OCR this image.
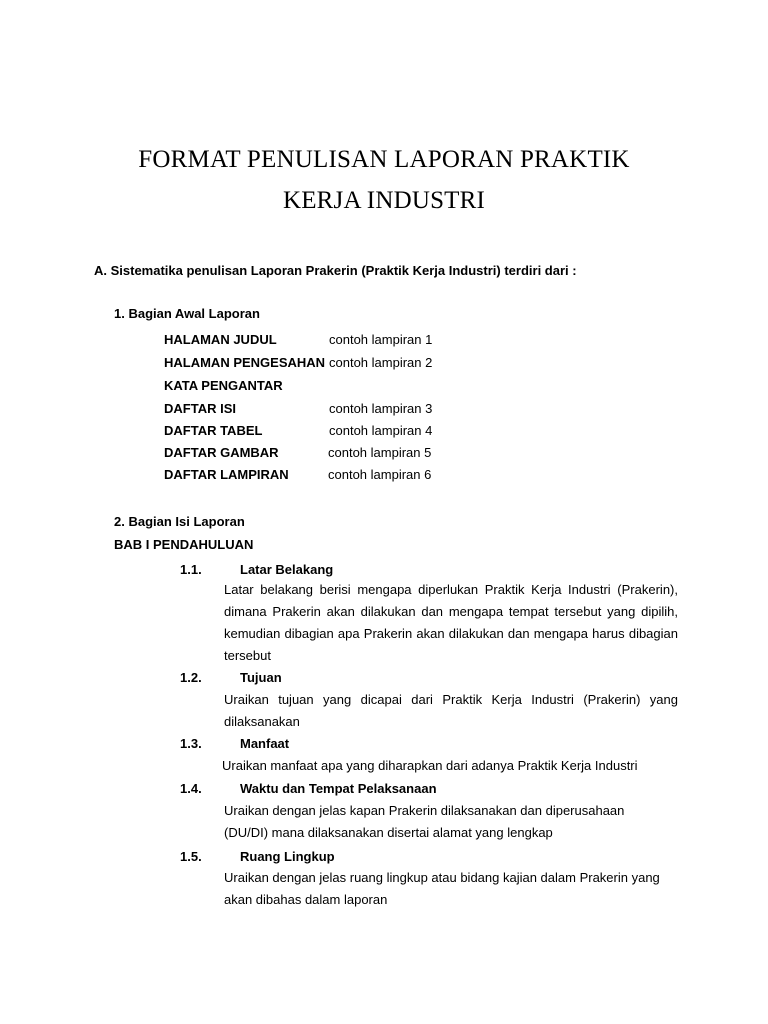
FORMAT PENULISAN LAPORAN PRAKTIK
KERJA INDUSTRI
A. Sistematika penulisan Laporan Prakerin (Praktik Kerja Industri) terdiri dari :
1. Bagian Awal Laporan
HALAMAN JUDUL	contoh lampiran 1
HALAMAN PENGESAHAN contoh lampiran 2
KATA PENGANTAR
DAFTAR ISI	contoh lampiran 3
DAFTAR TABEL	contoh lampiran 4
DAFTAR GAMBAR	contoh lampiran 5
DAFTAR LAMPIRAN	contoh lampiran 6
2. Bagian Isi Laporan
BAB I PENDAHULUAN
1.1.	Latar Belakang
Latar belakang berisi mengapa diperlukan Praktik Kerja Industri (Prakerin), dimana Prakerin akan dilakukan dan mengapa tempat tersebut yang dipilih, kemudian dibagian apa Prakerin akan dilakukan dan mengapa harus dibagian tersebut
1.2.	Tujuan
Uraikan tujuan yang dicapai dari Praktik Kerja Industri (Prakerin) yang dilaksanakan
1.3.	Manfaat
Uraikan manfaat apa yang diharapkan dari adanya Praktik Kerja Industri
1.4.	Waktu dan Tempat Pelaksanaan
Uraikan dengan jelas kapan Prakerin dilaksanakan dan diperusahaan (DU/DI) mana dilaksanakan disertai alamat yang lengkap
1.5.	Ruang Lingkup
Uraikan dengan jelas ruang lingkup atau bidang kajian dalam Prakerin yang akan dibahas dalam laporan
